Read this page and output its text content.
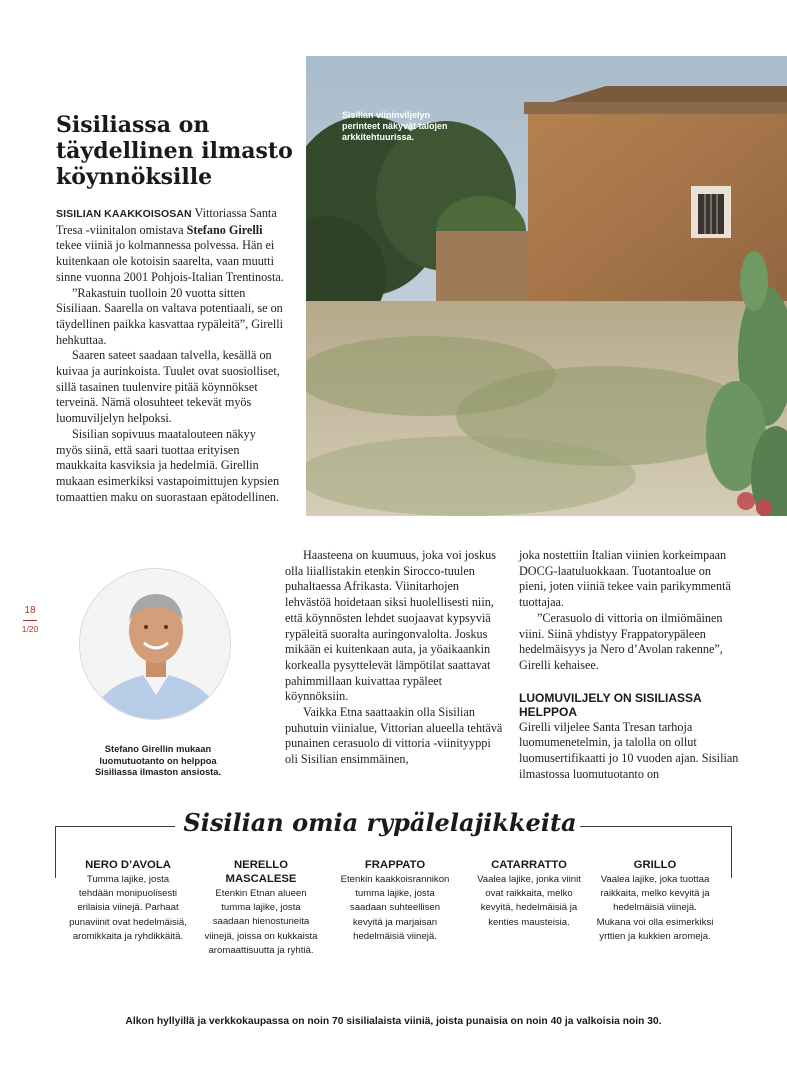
Sisiliassa on täydellinen ilmasto köynnöksille

SISILIAN KAAKKOISOSAN Vittoriassa Santa Tresa -viinitalon omistava Stefano Girelli tekee viiniä jo kolmannessa polvessa. Hän ei kuitenkaan ole kotoisin saarelta, vaan muutti sinne vuonna 2001 Pohjois-Italian Trentinosta.

”Rakastuin tuolloin 20 vuotta sitten Sisiliaan. Saarella on valtava potentiaali, se on täydellinen paikka kasvattaa rypäleitä”, Girelli hehkuttaa.

Saaren sateet saadaan talvella, kesällä on kuivaa ja aurinkoista. Tuulet ovat suosiolliset, sillä tasainen tuulenvire pitää köynnökset terveinä. Nämä olosuhteet tekevät myös luomuviljelyn helpoksi.

Sisilian sopivuus maatalouteen näkyy myös siinä, että saari tuottaa erityisen maukkaita kasviksia ja hedelmiä. Girellin mukaan esimerkiksi vastapoimittujen kypsien tomaattien maku on suorastaan epätodellinen.

Sisilian viininviljelyn perinteet näkyvät talojen arkkitehtuurissa.
18
1/20
Stefano Girellin mukaan luomutuotanto on helppoa Sisiliassa ilmaston ansiosta.

Haasteena on kuumuus, joka voi joskus olla liiallistakin etenkin Sirocco-tuulen puhaltaessa Afrikasta. Viinitarhojen lehvästöä hoidetaan siksi huolellisesti niin, että köynnösten lehdet suojaavat kypsyviä rypäleitä suoralta auringonvalolta. Joskus mikään ei kuitenkaan auta, ja yöaikaankin korkealla pysyttelevät lämpötilat saattavat pahimmillaan kuivattaa rypäleet köynnöksiin.

Vaikka Etna saattaakin olla Sisilian puhutuin viinialue, Vittorian alueella tehtävä punainen cerasuolo di vittoria -viinityyppi oli Sisilian ensimmäinen,

joka nostettiin Italian viinien korkeimpaan DOCG-laatuluokkaan. Tuotantoalue on pieni, joten viiniä tekee vain parikymmentä tuottajaa.

”Cerasuolo di vittoria on ilmiömäinen viini. Siinä yhdistyy Frappatorypäleen hedelmäisyys ja Nero d’Avolan rakenne”, Girelli kehaisee.

LUOMUVILJELY ON SISILIASSA HELPPOA

Girelli viljelee Santa Tresan tarhoja luomumenetelmin, ja talolla on ollut luomusertifikaatti jo 10 vuoden ajan. Sisilian ilmastossa luomutuotanto on

Sisilian omia rypälelajikkeita
NERO D’AVOLA

Tumma lajike, josta tehdään monipuolisesti erilaisia viinejä. Parhaat punaviinit ovat hedelmäisiä, aromikkaita ja ryhdikkäitä.

NERELLO MASCALESE

Etenkin Etnan alueen tumma lajike, josta saadaan hienostuneita viinejä, joissa on kukkaista aromaattisuutta ja ryhtiä.

FRAPPATO

Etenkin kaakkoisrannikon tumma lajike, josta saadaan suhteellisen kevyitä ja marjaisan hedelmäisiä viinejä.

CATARRATTO

Vaalea lajike, jonka viinit ovat raikkaita, melko kevyitä, hedelmäisiä ja kenties mausteisia.

GRILLO

Vaalea lajike, joka tuottaa raikkaita, melko kevyitä ja hedelmäisiä viinejä. Mukana voi olla esimerkiksi yrttien ja kukkien aromeja.

Alkon hyllyillä ja verkkokaupassa on noin 70 sisilialaista viiniä, joista punaisia on noin 40 ja valkoisia noin 30.
